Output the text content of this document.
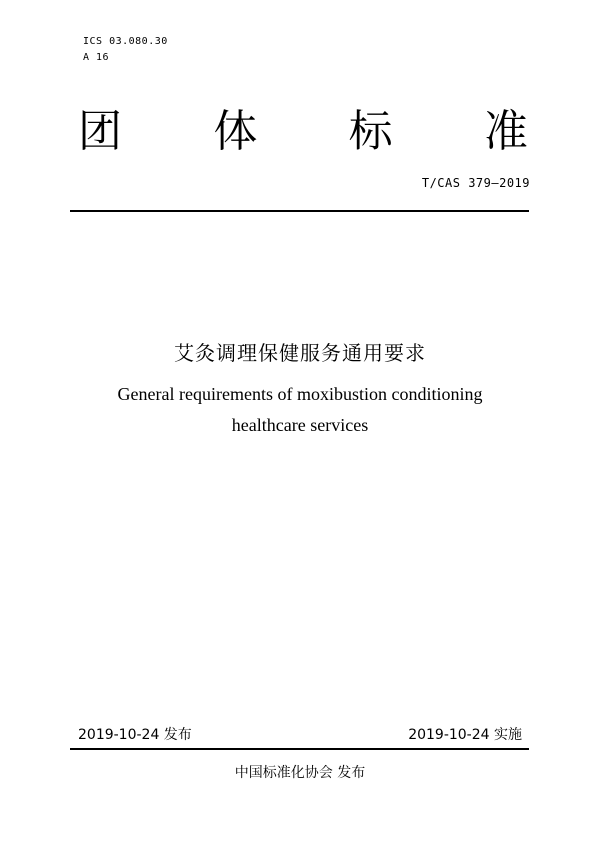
ICS 03.080.30
A 16
团 体 标 准
T/CAS 379—2019
艾灸调理保健服务通用要求
General requirements of moxibustion conditioning
healthcare services
2019-10-24 发布	2019-10-24 实施
中国标准化协会 发布
